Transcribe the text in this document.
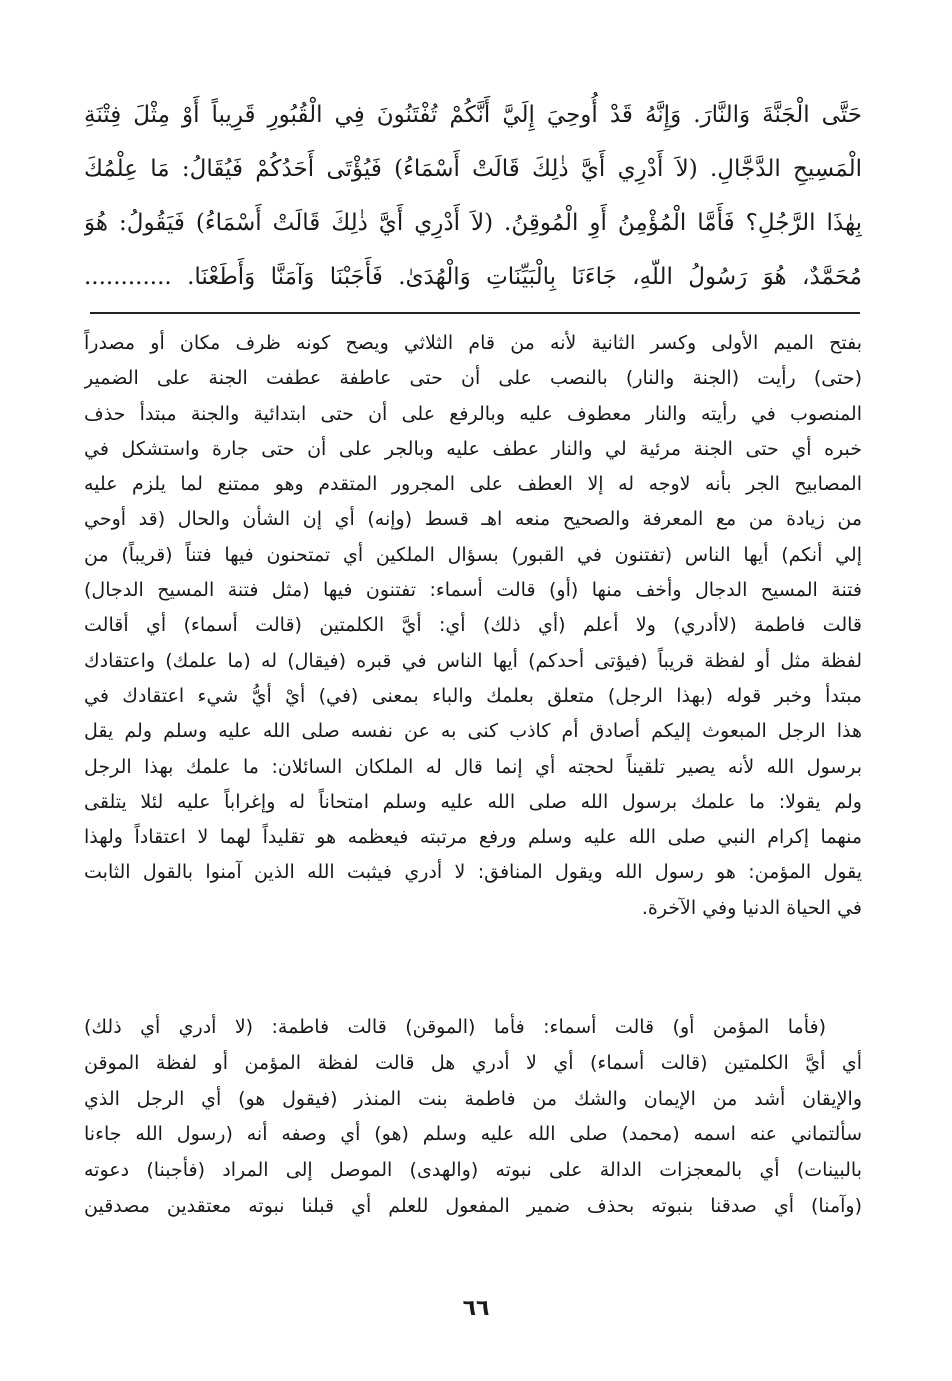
حَتَّى الْجَنَّةَ وَالنَّارَ. وَإِنَّهُ قَدْ أُوحِيَ إِلَيَّ أَنَّكُمْ تُفْتَنُونَ فِي الْقُبُورِ قَرِيباً أَوْ مِثْلَ فِتْنَةِ
الْمَسِيحِ الدَّجَّالِ. (لاَ أَدْرِي أَيَّ ذٰلِكَ قَالَتْ أَسْمَاءُ) فَيُؤْتَى أَحَدُكُمْ فَيُقَالُ: مَا عِلْمُكَ
بِهٰذَا الرَّجُلِ؟ فَأَمَّا الْمُؤْمِنُ أَوِ الْمُوقِنُ. (لاَ أَدْرِي أَيَّ ذٰلِكَ قَالَتْ أَسْمَاءُ) فَيَقُولُ: هُوَ
مُحَمَّدٌ، هُوَ رَسُولُ اللّهِ، جَاءَنَا بِالْبَيِّنَاتِ وَالْهُدَىٰ. فَأَجَبْنَا وَآمَنَّا وَأَطَعْنَا. ............
بفتح الميم الأولى وكسر الثانية لأنه من قام الثلاثي ويصح كونه ظرف مكان أو مصدراً
(حتى) رأيت (الجنة والنار) بالنصب على أن حتى عاطفة عطفت الجنة على الضمير
المنصوب في رأيته والنار معطوف عليه وبالرفع على أن حتى ابتدائية والجنة مبتدأ حذف
خبره أي حتى الجنة مرئية لي والنار عطف عليه وبالجر على أن حتى جارة واستشكل في
المصابيح الجر بأنه لاوجه له إلا العطف على المجرور المتقدم وهو ممتنع لما يلزم عليه
من زيادة من مع المعرفة والصحيح منعه اهـ قسط (وإنه) أي إن الشأن والحال (قد أوحي
إلي أنكم) أيها الناس (تفتنون في القبور) بسؤال الملكين أي تمتحنون فيها فتناً (قريباً) من
فتنة المسيح الدجال وأخف منها (أو) قالت أسماء: تفتنون فيها (مثل فتنة المسيح الدجال)
قالت فاطمة (لاأدري) ولا أعلم (أي ذلك) أي: أيَّ الكلمتين (قالت أسماء) أي أقالت
لفظة مثل أو لفظة قريباً (فيؤتى أحدكم) أيها الناس في قبره (فيقال) له (ما علمك) واعتقادك
مبتدأ وخبر قوله (بهذا الرجل) متعلق بعلمك والباء بمعنى (في) أيْ أيُّ شيء اعتقادك في
هذا الرجل المبعوث إليكم أصادق أم كاذب كنى به عن نفسه صلى الله عليه وسلم ولم يقل
برسول الله لأنه يصير تلقيناً لحجته أي إنما قال له الملكان السائلان: ما علمك بهذا الرجل
ولم يقولا: ما علمك برسول الله صلى الله عليه وسلم امتحاناً له وإغراباً عليه لئلا يتلقى
منهما إكرام النبي صلى الله عليه وسلم ورفع مرتبته فيعظمه هو تقليداً لهما لا اعتقاداً ولهذا
يقول المؤمن: هو رسول الله ويقول المنافق: لا أدري فيثبت الله الذين آمنوا بالقول الثابت
في الحياة الدنيا وفي الآخرة.
(فأما المؤمن أو) قالت أسماء: فأما (الموقن) قالت فاطمة: (لا أدري أي ذلك)
أي أيَّ الكلمتين (قالت أسماء) أي لا أدري هل قالت لفظة المؤمن أو لفظة الموقن
والإيقان أشد من الإيمان والشك من فاطمة بنت المنذر (فيقول هو) أي الرجل الذي
سألتماني عنه اسمه (محمد) صلى الله عليه وسلم (هو) أي وصفه أنه (رسول الله جاءنا
بالبينات) أي بالمعجزات الدالة على نبوته (والهدى) الموصل إلى المراد (فأجبنا) دعوته
(وآمنا) أي صدقنا بنبوته بحذف ضمير المفعول للعلم أي قبلنا نبوته معتقدين مصدقين
٦٦
